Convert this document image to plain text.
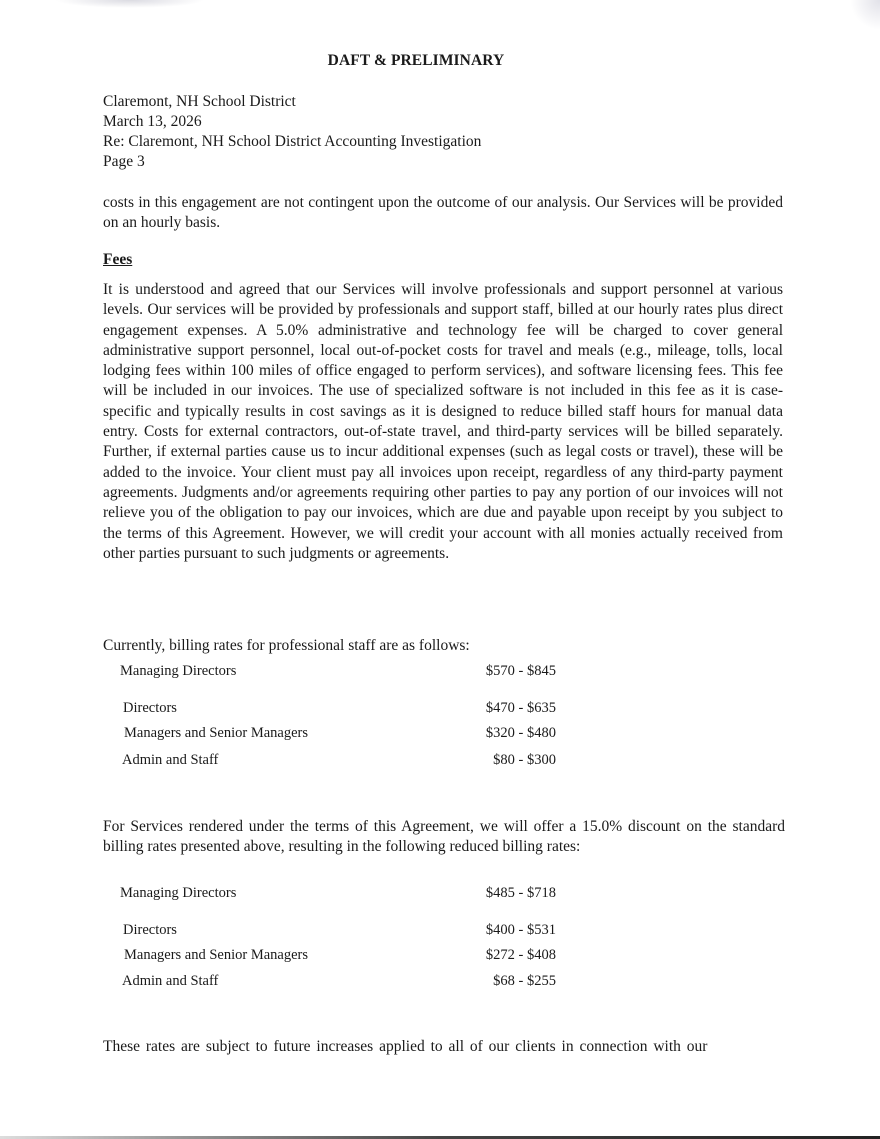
DAFT & PRELIMINARY
Claremont, NH School District
March 13, 2026
Re: Claremont, NH School District Accounting Investigation
Page 3
costs in this engagement are not contingent upon the outcome of our analysis. Our Services will be provided on an hourly basis.
Fees
It is understood and agreed that our Services will involve professionals and support personnel at various levels. Our services will be provided by professionals and support staff, billed at our hourly rates plus direct engagement expenses. A 5.0% administrative and technology fee will be charged to cover general administrative support personnel, local out-of-pocket costs for travel and meals (e.g., mileage, tolls, local lodging fees within 100 miles of office engaged to perform services), and software licensing fees. This fee will be included in our invoices. The use of specialized software is not included in this fee as it is case-specific and typically results in cost savings as it is designed to reduce billed staff hours for manual data entry. Costs for external contractors, out-of-state travel, and third-party services will be billed separately. Further, if external parties cause us to incur additional expenses (such as legal costs or travel), these will be added to the invoice. Your client must pay all invoices upon receipt, regardless of any third-party payment agreements. Judgments and/or agreements requiring other parties to pay any portion of our invoices will not relieve you of the obligation to pay our invoices, which are due and payable upon receipt by you subject to the terms of this Agreement. However, we will credit your account with all monies actually received from other parties pursuant to such judgments or agreements.
Currently, billing rates for professional staff are as follows:
Managing Directors	$570 - $845
Directors	$470 - $635
Managers and Senior Managers	$320 - $480
Admin and Staff	$80 - $300
For Services rendered under the terms of this Agreement, we will offer a 15.0% discount on the standard billing rates presented above, resulting in the following reduced billing rates:
Managing Directors	$485 - $718
Directors	$400 - $531
Managers and Senior Managers	$272 - $408
Admin and Staff	$68 - $255
These rates are subject to future increases applied to all of our clients in connection with our
